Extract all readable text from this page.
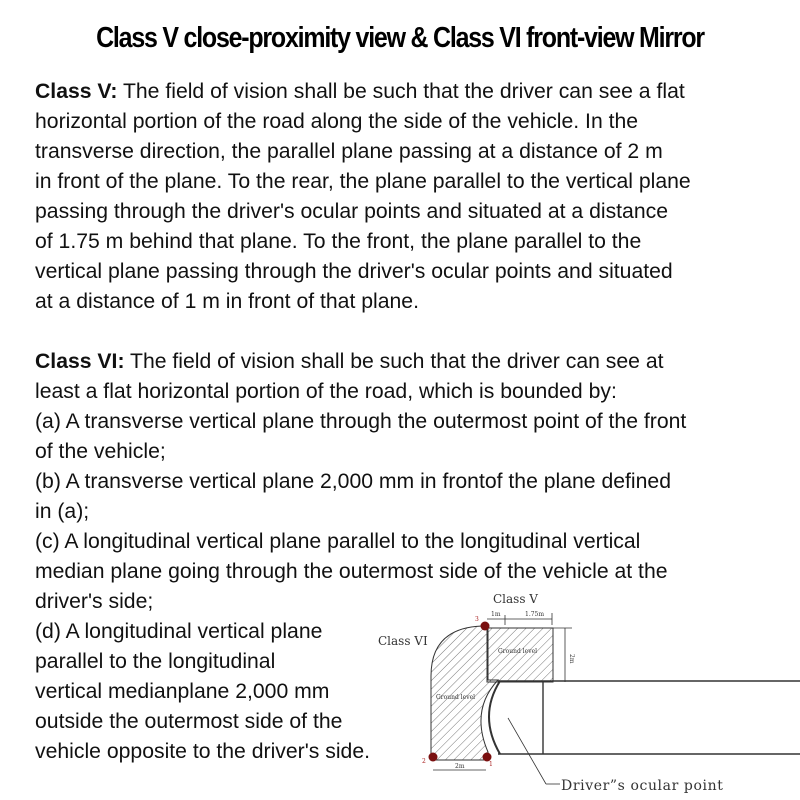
Class V close-proximity view & Class VI front-view Mirror
Class V: The field of vision shall be such that the driver can see a flat
horizontal portion of the road along the side of the vehicle. In the
transverse direction, the parallel plane passing at a distance of 2 m
in front of the plane. To the rear, the plane parallel to the vertical plane
passing through the driver's ocular points and situated at a distance
of 1.75 m behind that plane. To the front, the plane parallel to the
vertical plane passing through the driver's ocular points and situated
at a distance of 1 m in front of that plane.
Class VI: The field of vision shall be such that the driver can see at
least a flat horizontal portion of the road, which is bounded by:
(a) A transverse vertical plane through the outermost point of the front
of the vehicle;
(b) A transverse vertical plane 2,000 mm in frontof the plane defined
in (a);
(c) A longitudinal vertical plane parallel to the longitudinal vertical
median plane going through the outermost side of the vehicle at the
driver's side;
(d) A longitudinal vertical plane
parallel to the longitudinal
vertical medianplane 2,000 mm
outside the outermost side of the
vehicle opposite to the driver's side.
Class V
Class VI
1m	1.75m
2m
2m
Ground level
Ground level
3
2	1
Driver”s ocular point
